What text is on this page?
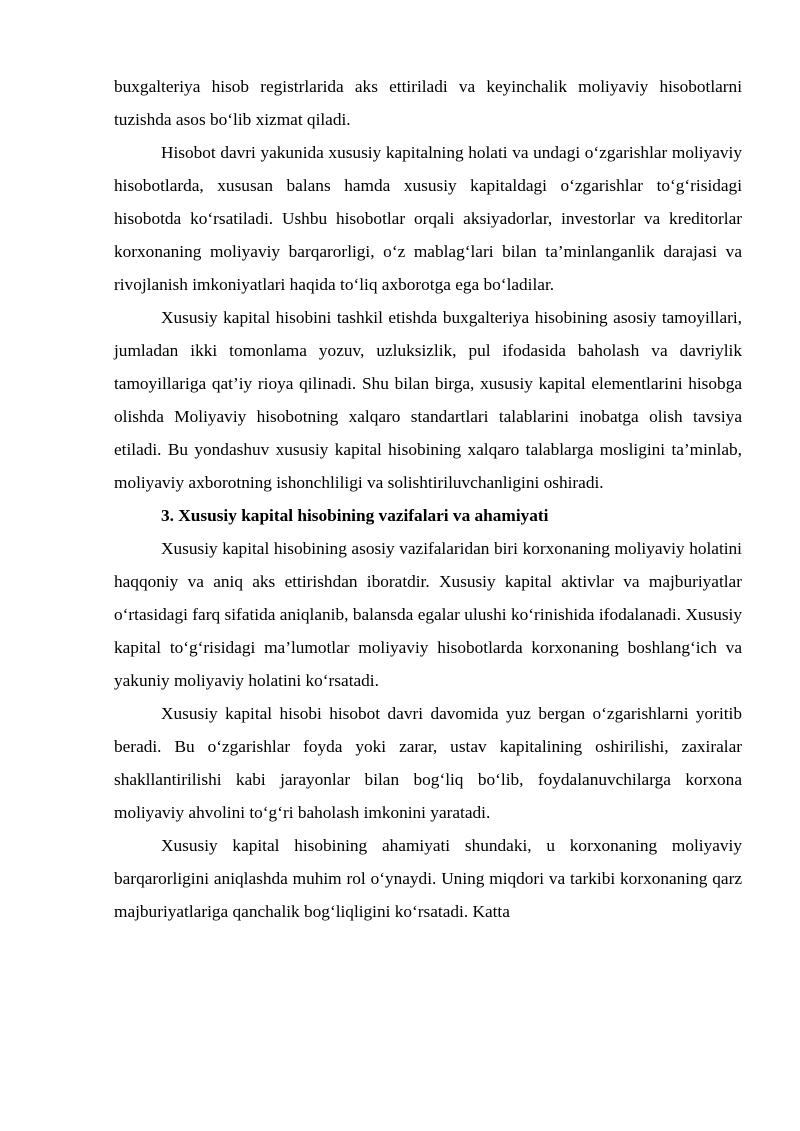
buxgalteriya hisob registrlarida aks ettiriladi va keyinchalik moliyaviy hisobotlarni tuzishda asos bo‘lib xizmat qiladi.

Hisobot davri yakunida xususiy kapitalning holati va undagi o‘zgarishlar moliyaviy hisobotlarda, xususan balans hamda xususiy kapitaldagi o‘zgarishlar to‘g‘risidagi hisobotda ko‘rsatiladi. Ushbu hisobotlar orqali aksiyadorlar, investorlar va kreditorlar korxonaning moliyaviy barqarorligi, o‘z mablag‘lari bilan ta’minlanganlik darajasi va rivojlanish imkoniyatlari haqida to‘liq axborotga ega bo‘ladilar.

Xususiy kapital hisobini tashkil etishda buxgalteriya hisobining asosiy tamoyillari, jumladan ikki tomonlama yozuv, uzluksizlik, pul ifodasida baholash va davriylik tamoyillariga qat’iy rioya qilinadi. Shu bilan birga, xususiy kapital elementlarini hisobga olishda Moliyaviy hisobotning xalqaro standartlari talablarini inobatga olish tavsiya etiladi. Bu yondashuv xususiy kapital hisobining xalqaro talablarga mosligini ta’minlab, moliyaviy axborotning ishonchliligi va solishtiriluvchanligini oshiradi.

3. Xususiy kapital hisobining vazifalari va ahamiyati

Xususiy kapital hisobining asosiy vazifalaridan biri korxonaning moliyaviy holatini haqqoniy va aniq aks ettirishdan iboratdir. Xususiy kapital aktivlar va majburiyatlar o‘rtasidagi farq sifatida aniqlanib, balansda egalar ulushi ko‘rinishida ifodalanadi. Xususiy kapital to‘g‘risidagi ma’lumotlar moliyaviy hisobotlarda korxonaning boshlang‘ich va yakuniy moliyaviy holatini ko‘rsatadi.

Xususiy kapital hisobi hisobot davri davomida yuz bergan o‘zgarishlarni yoritib beradi. Bu o‘zgarishlar foyda yoki zarar, ustav kapitalining oshirilishi, zaxiralar shakllantirilishi kabi jarayonlar bilan bog‘liq bo‘lib, foydalanuvchilarga korxona moliyaviy ahvolini to‘g‘ri baholash imkonini yaratadi.

Xususiy kapital hisobining ahamiyati shundaki, u korxonaning moliyaviy barqarorligini aniqlashda muhim rol o‘ynaydi. Uning miqdori va tarkibi korxonaning qarz majburiyatlariga qanchalik bog‘liqligini ko‘rsatadi. Katta
